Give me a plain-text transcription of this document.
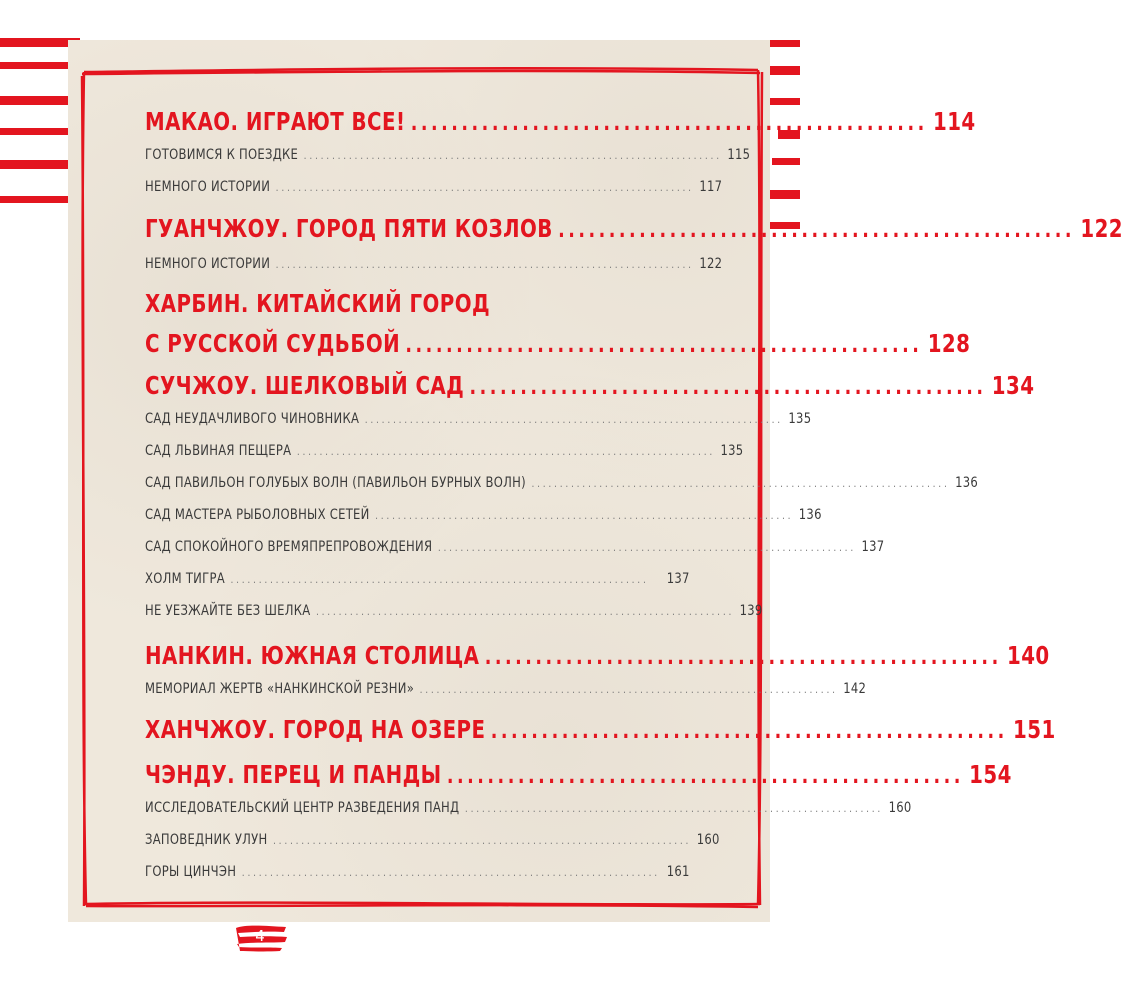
МАКАО. ИГРАЮТ ВСЕ! ................................................... 114
ГОТОВИМСЯ К ПОЕЗДКЕ .......................................................................... 115
НЕМНОГО ИСТОРИИ .......................................................................... 117
ГУАНЧЖОУ. ГОРОД ПЯТИ КОЗЛОВ ................................................... 122
НЕМНОГО ИСТОРИИ .......................................................................... 122
ХАРБИН. КИТАЙСКИЙ ГОРОД
С РУССКОЙ СУДЬБОЙ ................................................... 128
СУЧЖОУ. ШЕЛКОВЫЙ САД ................................................... 134
САД НЕУДАЧЛИВОГО ЧИНОВНИКА .......................................................................... 135
САД ЛЬВИНАЯ ПЕЩЕРА .......................................................................... 135
САД ПАВИЛЬОН ГОЛУБЫХ ВОЛН (ПАВИЛЬОН БУРНЫХ ВОЛН) .......................................................................... 136
САД МАСТЕРА РЫБОЛОВНЫХ СЕТЕЙ .......................................................................... 136
САД СПОКОЙНОГО ВРЕМЯПРЕПРОВОЖДЕНИЯ .......................................................................... 137
ХОЛМ ТИГРА ..........................................................................	137
НЕ УЕЗЖАЙТЕ БЕЗ ШЕЛКА .......................................................................... 139
НАНКИН. ЮЖНАЯ СТОЛИЦА ................................................... 140
МЕМОРИАЛ ЖЕРТВ «НАНКИНСКОЙ РЕЗНИ» .......................................................................... 142
ХАНЧЖОУ. ГОРОД НА ОЗЕРЕ ................................................... 151
ЧЭНДУ. ПЕРЕЦ И ПАНДЫ ................................................... 154
ИССЛЕДОВАТЕЛЬСКИЙ ЦЕНТР РАЗВЕДЕНИЯ ПАНД .......................................................................... 160
ЗАПОВЕДНИК УЛУН .......................................................................... 160
ГОРЫ ЦИНЧЭН .......................................................................... 161
4
